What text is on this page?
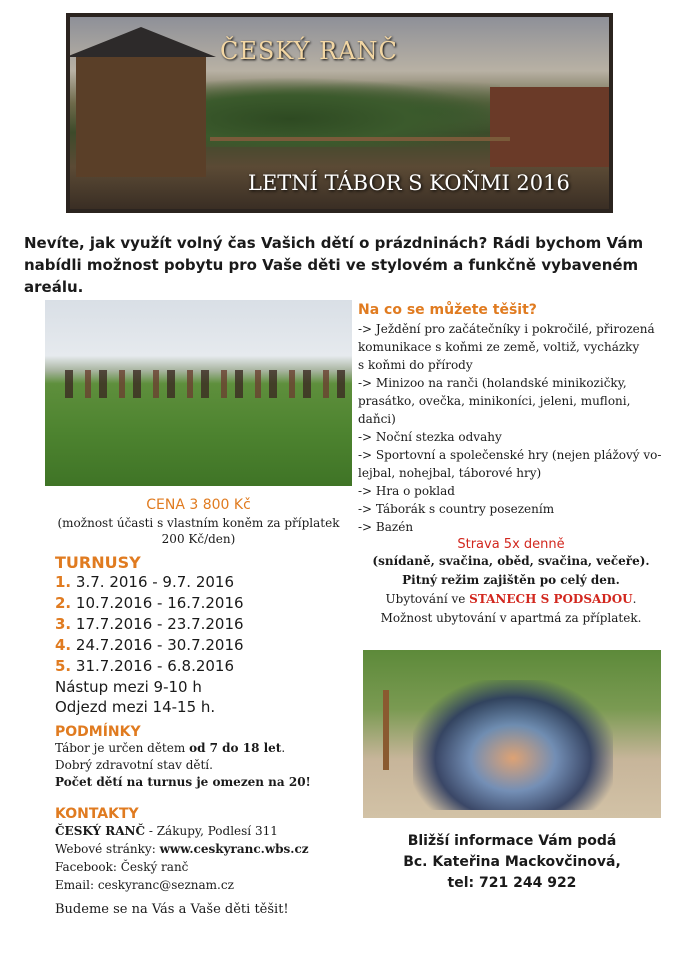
ČESKÝ RANČ
LETNÍ TÁBOR S KOŇMI 2016

Nevíte, jak využít volný čas Vašich dětí o prázdninách? Rádi bychom Vám nabídli možnost pobytu pro Vaše děti ve stylovém a funkčně vybaveném areálu.

CENA 3 800 Kč
(možnost účasti s vlastním koněm za příplatek 200 Kč/den)
TURNUSY
1. 3.7. 2016 - 9.7. 2016
2. 10.7.2016 - 16.7.2016
3. 17.7.2016 - 23.7.2016
4. 24.7.2016 - 30.7.2016
5. 31.7.2016 - 6.8.2016
Nástup mezi 9-10 h
Odjezd mezi 14-15 h.
PODMÍNKY
Tábor je určen dětem od 7 do 18 let.
Dobrý zdravotní stav dětí.
Počet dětí na turnus je omezen na 20!
KONTAKTY
ČESKÝ RANČ - Zákupy, Podlesí 311
Webové stránky: www.ceskyranc.wbs.cz
Facebook: Český ranč
Email: ceskyranc@seznam.cz
Budeme se na Vás a Vaše děti těšit!
Na co se můžete těšit?
-> Ježdění pro začátečníky i pokročilé, přirozená
komunikace s koňmi ze země, voltiž, vycházky
s koňmi do přírody
-> Minizoo na ranči (holandské minikozičky,
prasátko, ovečka, minikoníci, jeleni, mufloni, daňci)
-> Noční stezka odvahy
-> Sportovní a společenské hry (nejen plážový vo-
lejbal, nohejbal, táborové hry)
-> Hra o poklad
-> Táborák s country posezením
-> Bazén
Strava 5x denně
(snídaně, svačina, oběd, svačina, večeře).
Pitný režim zajištěn po celý den.
Ubytování ve STANECH S PODSADOU.
Možnost ubytování v apartmá za příplatek.
Bližší informace Vám podá
Bc. Kateřina Mackovčinová,
tel: 721 244 922
